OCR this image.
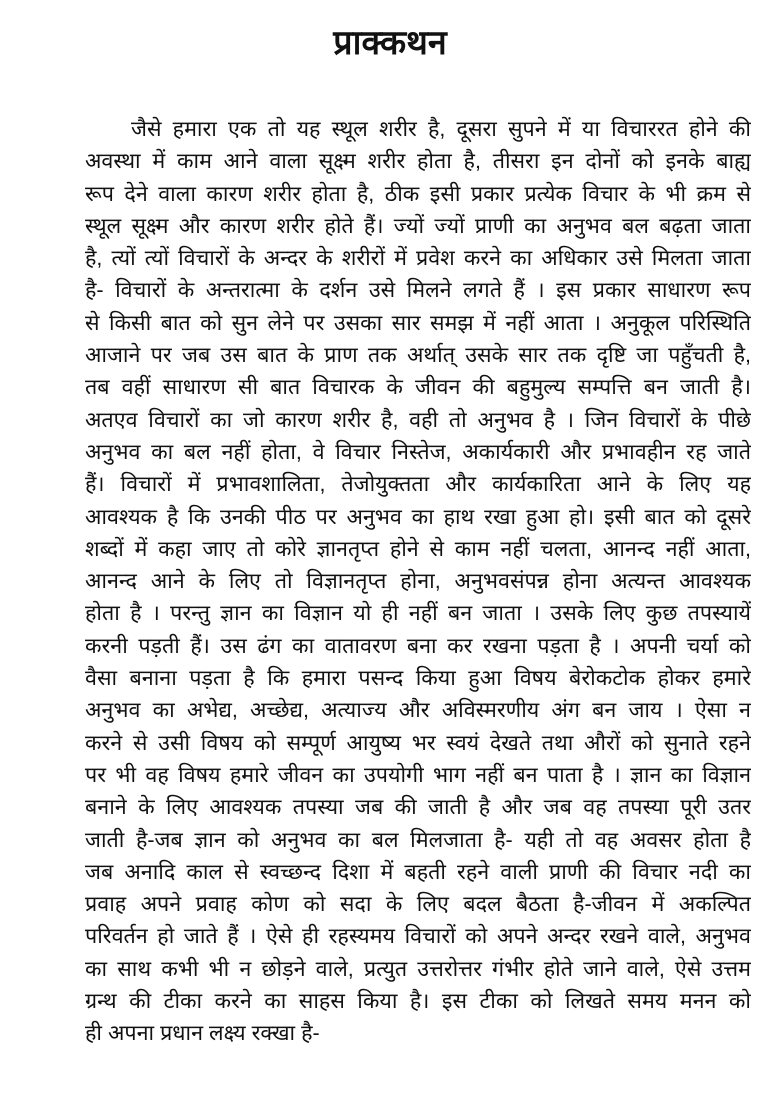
प्राक्कथन
जैसे हमारा एक तो यह स्थूल शरीर है, दूसरा सुपने में या विचाररत होने की
अवस्था में काम आने वाला सूक्ष्म शरीर होता है, तीसरा इन दोनों को इनके बाह्य
रूप देने वाला कारण शरीर होता है, ठीक इसी प्रकार प्रत्येक विचार के भी क्रम से
स्थूल सूक्ष्म और कारण शरीर होते हैं। ज्यों ज्यों प्राणी का अनुभव बल बढ़ता जाता
है, त्यों त्यों विचारों के अन्दर के शरीरों में प्रवेश करने का अधिकार उसे मिलता जाता
है- विचारों के अन्तरात्मा के दर्शन उसे मिलने लगते हैं । इस प्रकार साधारण रूप
से किसी बात को सुन लेने पर उसका सार समझ में नहीं आता । अनुकूल परिस्थिति
आजाने पर जब उस बात के प्राण तक अर्थात् उसके सार तक दृष्टि जा पहुँचती है,
तब वहीं साधारण सी बात विचारक के जीवन की बहुमुल्य सम्पत्ति बन जाती है।
अतएव विचारों का जो कारण शरीर है, वही तो अनुभव है । जिन विचारों के पीछे
अनुभव का बल नहीं होता, वे विचार निस्तेज, अकार्यकारी और प्रभावहीन रह जाते
हैं। विचारों में प्रभावशालिता, तेजोयुक्तता और कार्यकारिता आने के लिए यह
आवश्यक है कि उनकी पीठ पर अनुभव का हाथ रखा हुआ हो। इसी बात को दूसरे
शब्दों में कहा जाए तो कोरे ज्ञानतृप्त होने से काम नहीं चलता, आनन्द नहीं आता,
आनन्द आने के लिए तो विज्ञानतृप्त होना, अनुभवसंपन्न होना अत्यन्त आवश्यक
होता है । परन्तु ज्ञान का विज्ञान यो ही नहीं बन जाता । उसके लिए कुछ तपस्यायें
करनी पड़ती हैं। उस ढंग का वातावरण बना कर रखना पड़ता है । अपनी चर्या को
वैसा बनाना पड़ता है कि हमारा पसन्द किया हुआ विषय बेरोकटोक होकर हमारे
अनुभव का अभेद्य, अच्छेद्य, अत्याज्य और अविस्मरणीय अंग बन जाय । ऐसा न
करने से उसी विषय को सम्पूर्ण आयुष्य भर स्वयं देखते तथा औरों को सुनाते रहने
पर भी वह विषय हमारे जीवन का उपयोगी भाग नहीं बन पाता है । ज्ञान का विज्ञान
बनाने के लिए आवश्यक तपस्या जब की जाती है और जब वह तपस्या पूरी उतर
जाती है-जब ज्ञान को अनुभव का बल मिलजाता है- यही तो वह अवसर होता है
जब अनादि काल से स्वच्छन्द दिशा में बहती रहने वाली प्राणी की विचार नदी का
प्रवाह अपने प्रवाह कोण को सदा के लिए बदल बैठता है-जीवन में अकल्पित
परिवर्तन हो जाते हैं । ऐसे ही रहस्यमय विचारों को अपने अन्दर रखने वाले, अनुभव
का साथ कभी भी न छोड़ने वाले, प्रत्युत उत्तरोत्तर गंभीर होते जाने वाले, ऐसे उत्तम
ग्रन्थ की टीका करने का साहस किया है। इस टीका को लिखते समय मनन को
ही अपना प्रधान लक्ष्य रक्खा है-
